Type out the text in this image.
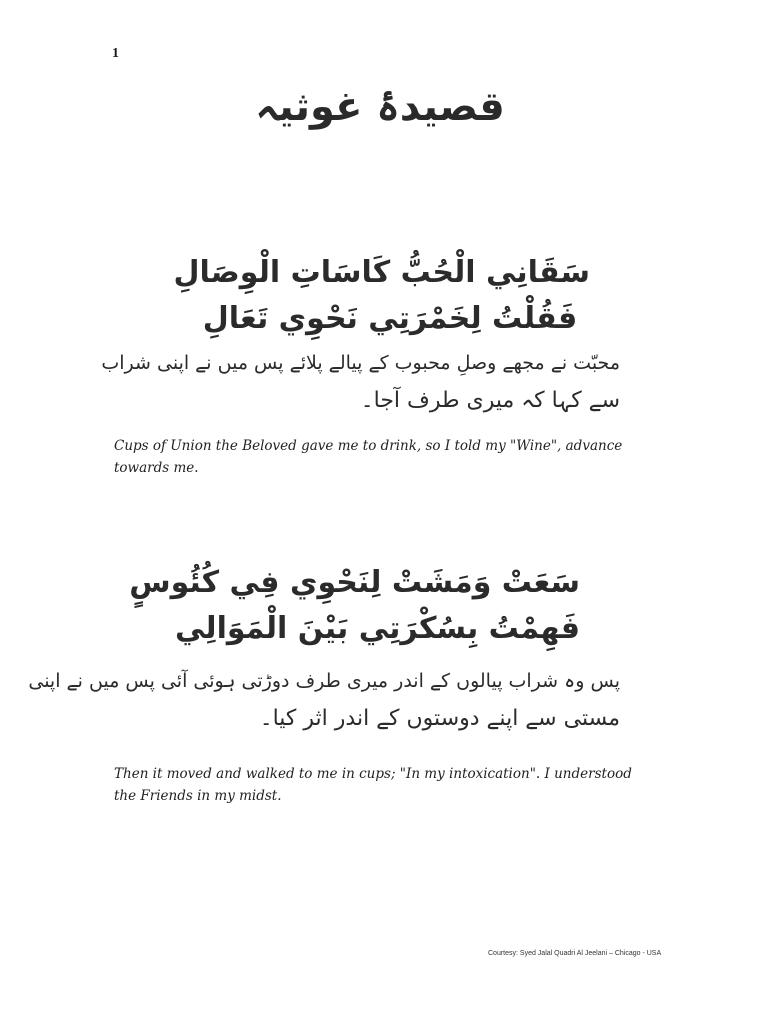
1
قصیدۂ غوثیہ
سَقَانِي الْحُبُّ كَاسَاتِ الْوِصَالِ
فَقُلْتُ لِخَمْرَتِي نَحْوِي تَعَالِ
محبّت نے مجھے وصلِ محبوب کے پیالے پلائے پس میں نے اپنی شراب
سے کہا کہ میری طرف آجا۔
Cups of Union the Beloved gave me to drink, so I told my "Wine", advance towards me.
سَعَتْ وَمَشَتْ لِنَحْوِي فِي كُئُوسٍ
فَهِمْتُ بِسُكْرَتِي بَيْنَ الْمَوَالِي
پس وہ شراب پیالوں کے اندر میری طرف دوڑتی ہوئی آئی پس میں نے اپنی
مستی سے اپنے دوستوں کے اندر اثر کیا۔
Then it moved and walked to me in cups; "In my intoxication". I understood the Friends in my midst.
Courtesy: Syed Jalal Quadri Al Jeelani – Chicago - USA
